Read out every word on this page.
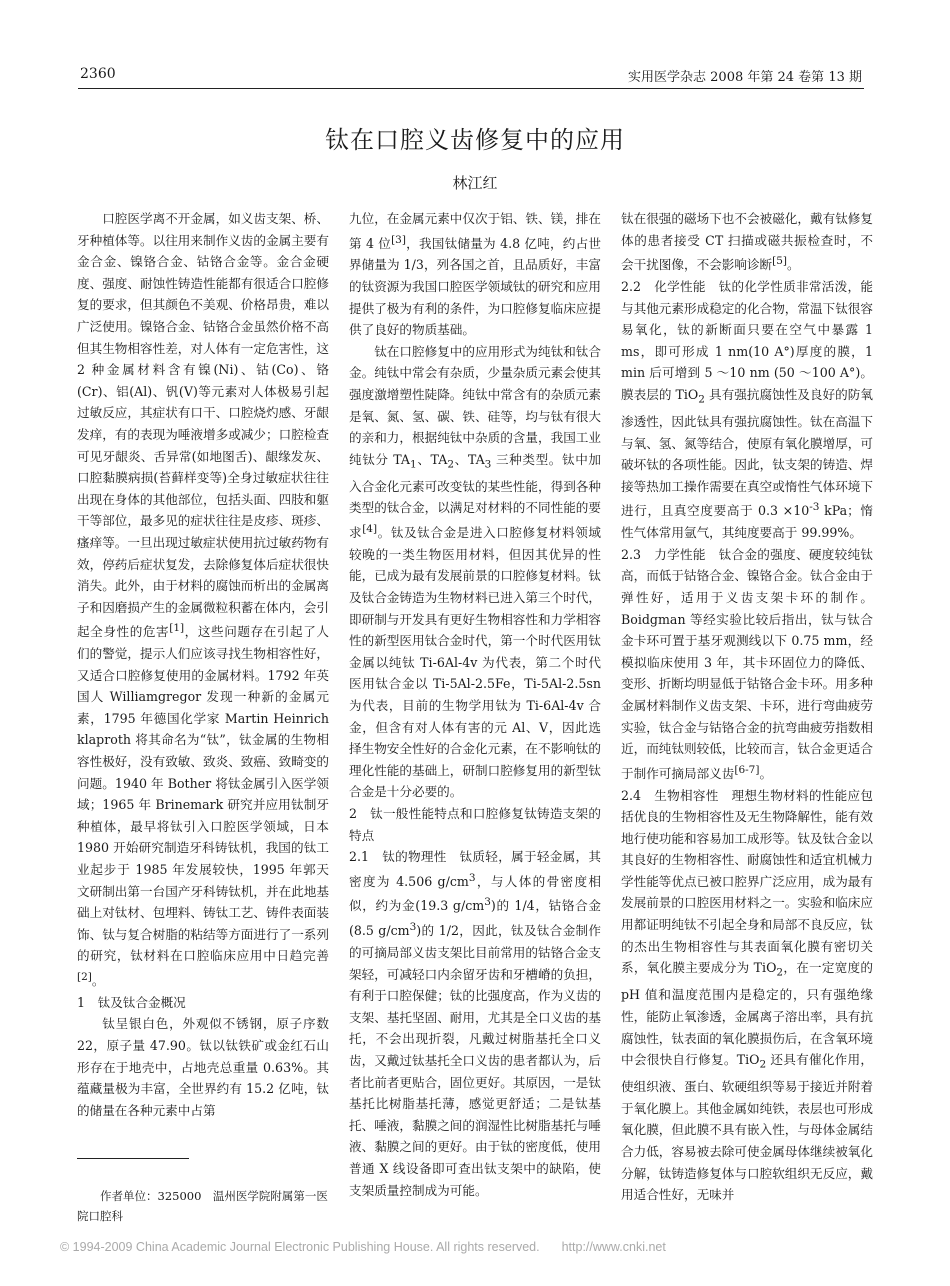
2360	实用医学杂志 2008 年第 24 卷第 13 期
钛在口腔义齿修复中的应用
林江红

口腔医学离不开金属，如义齿支架、桥、牙种植体等。以往用来制作义齿的金属主要有金合金、镍铬合金、钴铬合金等。金合金硬度、强度、耐蚀性铸造性能都有很适合口腔修复的要求，但其颜色不美观、价格昂贵，难以广泛使用。镍铬合金、钴铬合金虽然价格不高但其生物相容性差，对人体有一定危害性，这 2 种金属材料含有镍(Ni)、钴(Co)、铬(Cr)、铝(Al)、钒(V)等元素对人体极易引起过敏反应，其症状有口干、口腔烧灼感、牙龈发痒，有的表现为唾液增多或减少；口腔检查可见牙龈炎、舌异常(如地图舌)、龈缘发灰、口腔黏膜病损(苔藓样变等)全身过敏症状往往出现在身体的其他部位，包括头面、四肢和躯干等部位，最多见的症状往往是皮疹、斑疹、瘙痒等。一旦出现过敏症状使用抗过敏药物有效，停药后症状复发，去除修复体后症状很快消失。此外，由于材料的腐蚀而析出的金属离子和因磨损产生的金属微粒积蓄在体内，会引起全身性的危害[1]，这些问题存在引起了人们的警觉，提示人们应该寻找生物相容性好，又适合口腔修复使用的金属材料。1792 年英国人 Williamgregor 发现一种新的金属元素，1795 年德国化学家 Martin Heinrich klaproth 将其命名为“钛”，钛金属的生物相容性极好，没有致敏、致炎、致癌、致畸变的问题。1940 年 Bother 将钛金属引入医学领域；1965 年 Brinemark 研究并应用钛制牙种植体，最早将钛引入口腔医学领域，日本 1980 开始研究制造牙科铸钛机，我国的钛工业起步于 1985 年发展较快，1995 年郭天文研制出第一台国产牙科铸钛机，并在此地基础上对钛材、包埋料、铸钛工艺、铸件表面装饰、钛与复合树脂的粘结等方面进行了一系列的研究，钛材料在口腔临床应用中日趋完善[2]。

1　钛及钛合金概况

钛呈银白色，外观似不锈钢，原子序数 22，原子量 47.90。钛以钛铁矿或金红石山形存在于地壳中，占地壳总重量 0.63%。其蕴藏量极为丰富，全世界约有 15.2 亿吨，钛的储量在各种元素中占第

作者单位：325000　温州医学院附属第一医院口腔科

九位，在金属元素中仅次于铝、铁、镁，排在第 4 位[3]，我国钛储量为 4.8 亿吨，约占世界储量为 1/3，列各国之首，且品质好，丰富的钛资源为我国口腔医学领域钛的研究和应用提供了极为有利的条件，为口腔修复临床应提供了良好的物质基础。

钛在口腔修复中的应用形式为纯钛和钛合金。纯钛中常会有杂质，少量杂质元素会使其强度激增塑性陡降。纯钛中常含有的杂质元素是氧、氮、氢、碳、铁、硅等，均与钛有很大的亲和力，根据纯钛中杂质的含量，我国工业纯钛分 $TA_1$、$TA_2$、$TA_3$ 三种类型。钛中加入合金化元素可改变钛的某些性能，得到各种类型的钛合金，以满足对材料的不同性能的要求[4]。钛及钛合金是进入口腔修复材料领域较晚的一类生物医用材料，但因其优异的性能，已成为最有发展前景的口腔修复材料。钛及钛合金铸造为生物材料已进入第三个时代，即研制与开发具有更好生物相容性和力学相容性的新型医用钛合金时代，第一个时代医用钛金属以纯钛 Ti-6Al-4v 为代表，第二个时代医用钛合金以 Ti-5Al-2.5Fe，Ti-5Al-2.5sn 为代表，目前的生物学用钛为 Ti-6Al-4v 合金，但含有对人体有害的元 Al、V，因此选择生物安全性好的合金化元素，在不影响钛的理化性能的基础上，研制口腔修复用的新型钛合金是十分必要的。

2　钛一般性能特点和口腔修复钛铸造支架的特点

2.1　钛的物理性　钛质轻，属于轻金属，其密度为 4.506 $g/cm^3$，与人体的骨密度相似，约为金(19.3 $g/cm^3$)的 1/4，钴铬合金(8.5 $g/cm^3$)的 1/2，因此，钛及钛合金制作的可摘局部义齿支架比目前常用的钴铬合金支架轻，可减轻口内余留牙齿和牙槽嵴的负担，有利于口腔保健；钛的比强度高，作为义齿的支架、基托坚固、耐用，尤其是全口义齿的基托，不会出现折裂，凡戴过树脂基托全口义齿，又戴过钛基托全口义齿的患者都认为，后者比前者更贴合，固位更好。其原因，一是钛基托比树脂基托薄，感觉更舒适；二是钛基托、唾液，黏膜之间的润湿性比树脂基托与唾液、黏膜之间的更好。由于钛的密度低，使用普通 X 线设备即可查出钛支架中的缺陷，使支架质量控制成为可能。

钛在很强的磁场下也不会被磁化，戴有钛修复体的患者接受 CT 扫描或磁共振检查时，不会干扰图像，不会影响诊断[5]。

2.2　化学性能　钛的化学性质非常活泼，能与其他元素形成稳定的化合物，常温下钛很容易氧化，钛的新断面只要在空气中暴露 1 ms，即可形成 1 nm(10 A°)厚度的膜，1 min 后可增到 5 ～10 nm (50 ～100 A°)。膜表层的 TiO$_2$ 具有强抗腐蚀性及良好的防氧渗透性，因此钛具有强抗腐蚀性。钛在高温下与氧、氢、氮等结合，使原有氧化膜增厚，可破坏钛的各项性能。因此，钛支架的铸造、焊接等热加工操作需要在真空或惰性气体环境下进行，且真空度要高于 $0.3 \times 10^{-3}$ kPa；惰性气体常用氩气，其纯度要高于 99.99%。

2.3　力学性能　钛合金的强度、硬度较纯钛高，而低于钴铬合金、镍铬合金。钛合金由于弹性好，适用于义齿支架卡环的制作。Boidgman 等经实验比较后指出，钛与钛合金卡环可置于基牙观测线以下 0.75 mm，经模拟临床使用 3 年，其卡环固位力的降低、变形、折断均明显低于钴铬合金卡环。用多种金属材料制作义齿支架、卡环，进行弯曲疲劳实验，钛合金与钴铬合金的抗弯曲疲劳指数相近，而纯钛则较低，比较而言，钛合金更适合于制作可摘局部义齿[6-7]。

2.4　生物相容性　理想生物材料的性能应包括优良的生物相容性及无生物降解性，能有效地行使功能和容易加工成形等。钛及钛合金以其良好的生物相容性、耐腐蚀性和适宜机械力学性能等优点已被口腔界广泛应用，成为最有发展前景的口腔医用材料之一。实验和临床应用都证明纯钛不引起全身和局部不良反应，钛的杰出生物相容性与其表面氧化膜有密切关系，氧化膜主要成分为 TiO$_2$，在一定宽度的 pH 值和温度范围内是稳定的，只有强绝缘性，能防止氧渗透，金属离子溶出率，具有抗腐蚀性，钛表面的氧化膜损伤后，在含氧环境中会很快自行修复。TiO$_2$ 还具有催化作用，使组织液、蛋白、软硬组织等易于接近并附着于氧化膜上。其他金属如纯铁，表层也可形成氧化膜，但此膜不具有嵌入性，与母体金属结合力低，容易被去除可使金属母体继续被氧化分解，钛铸造修复体与口腔软组织无反应，戴用适合性好，无味并

© 1994-2009 China Academic Journal Electronic Publishing House. All rights reserved. http://www.cnki.net
